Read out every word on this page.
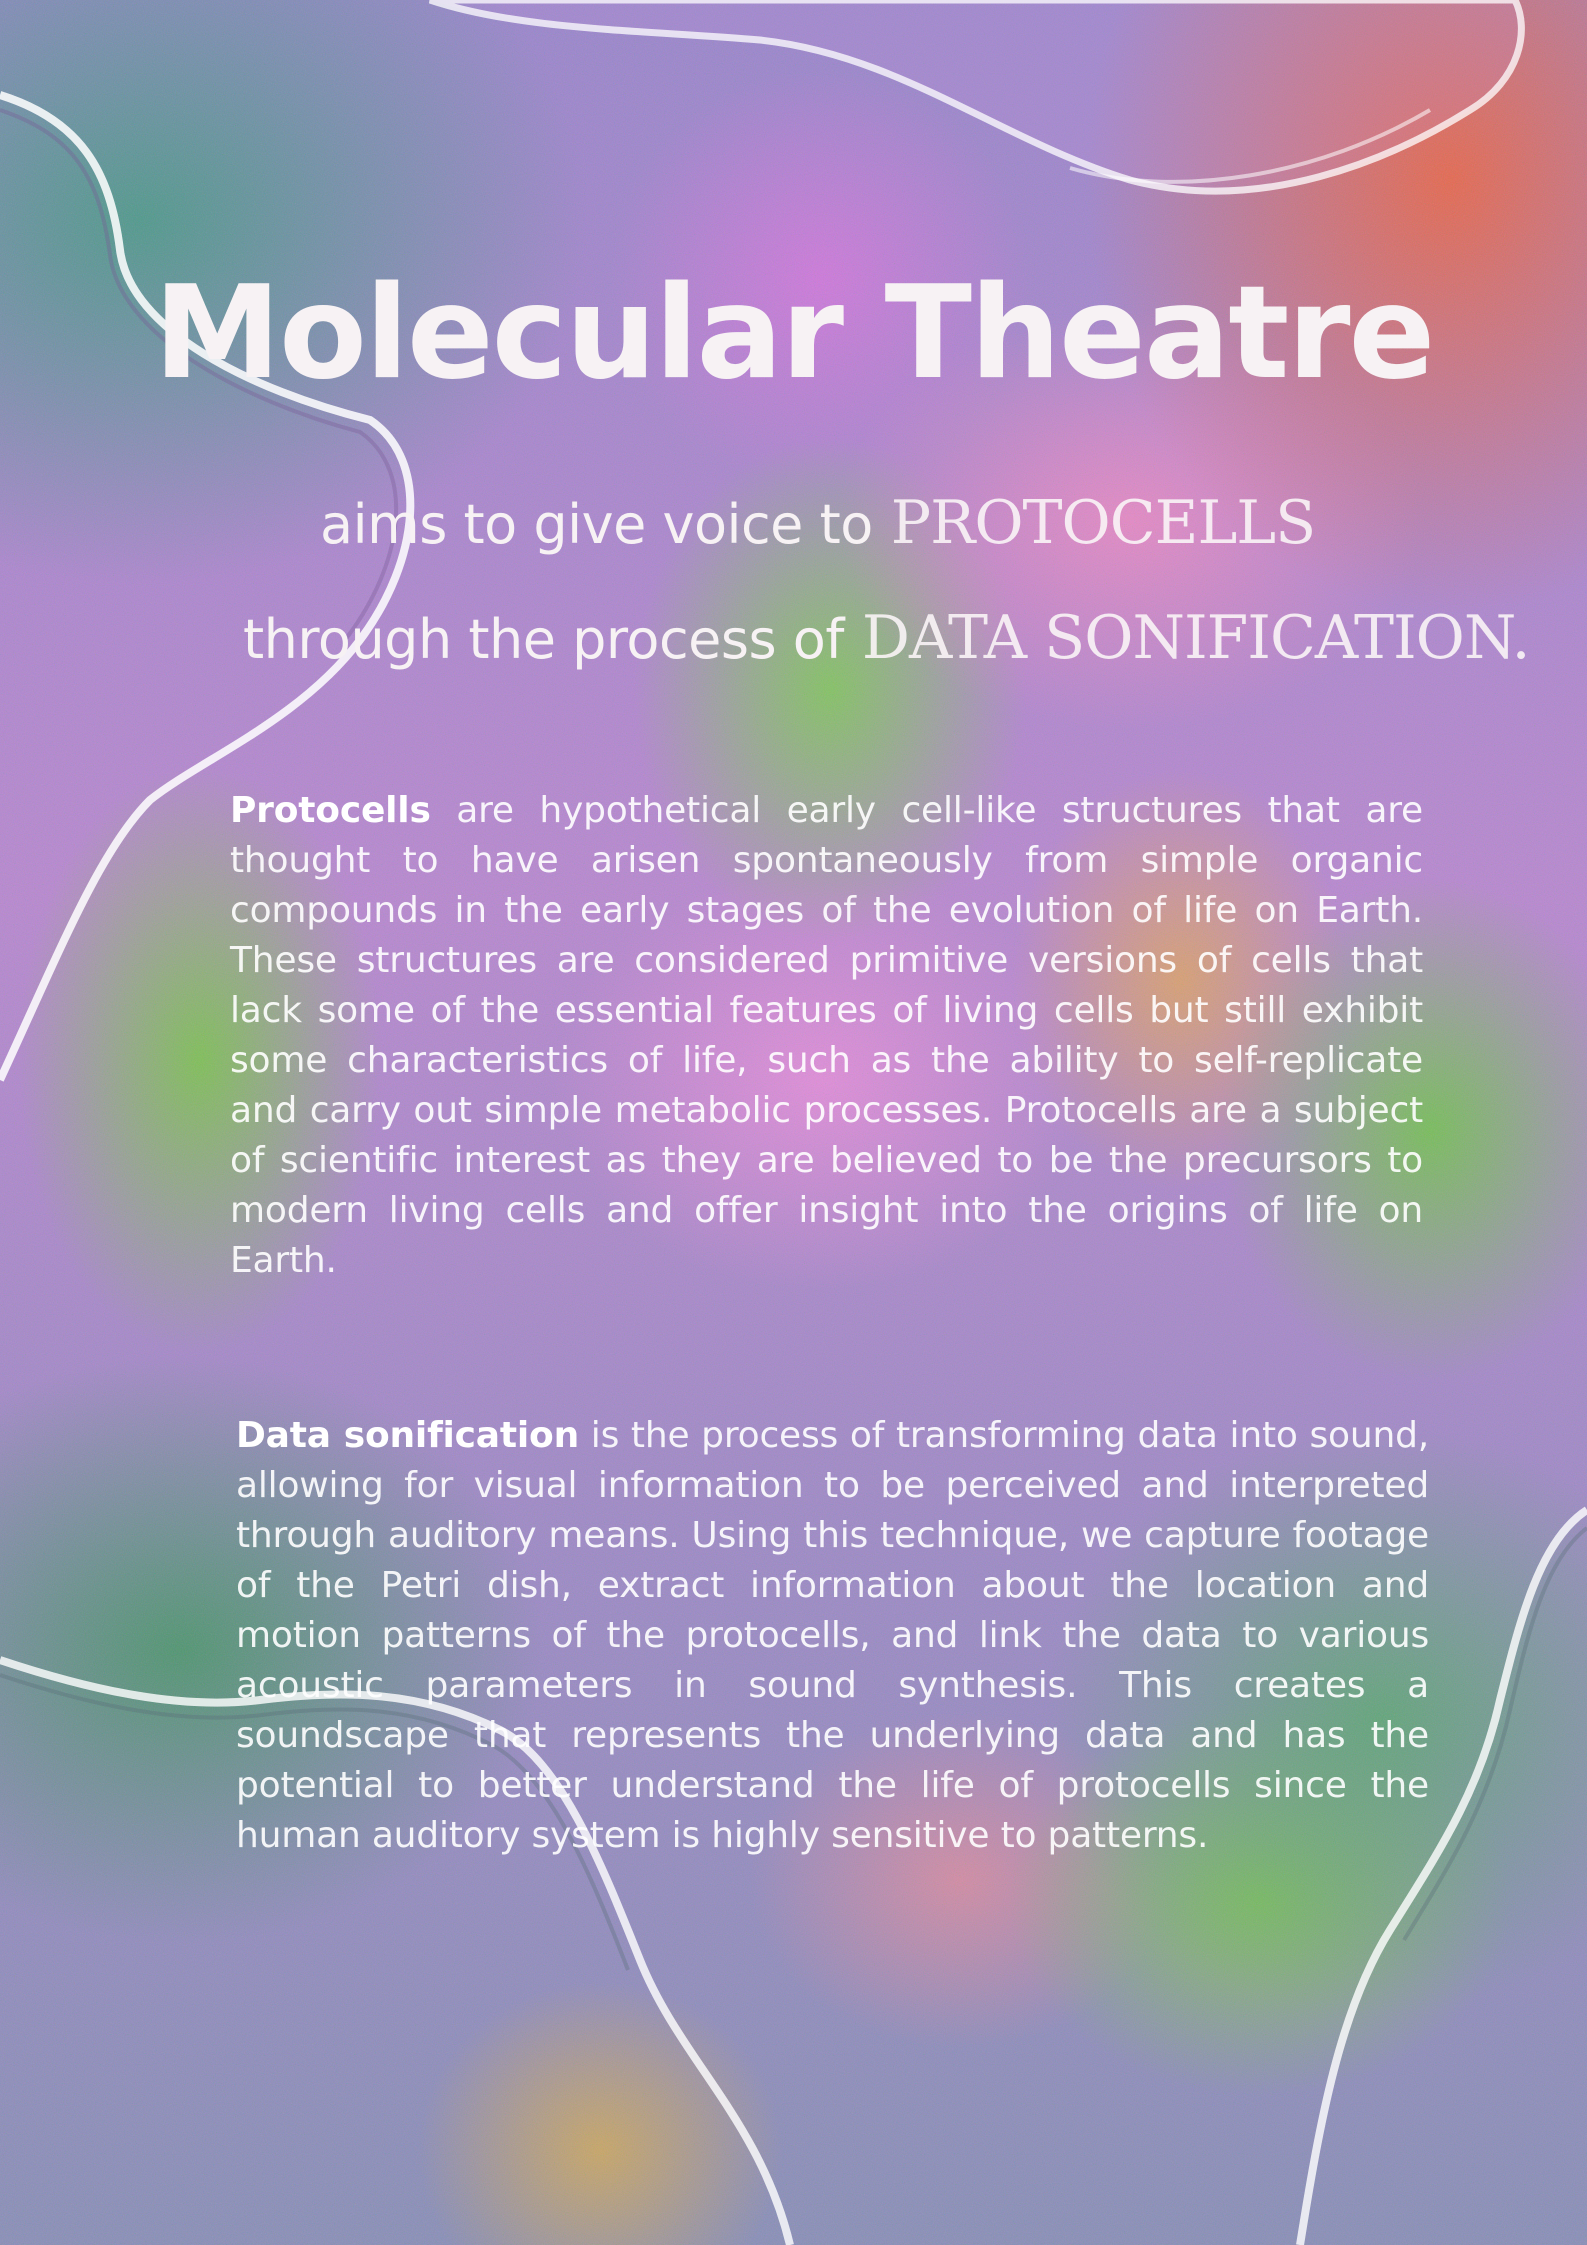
Molecular Theatre

aims to give voice to PROTOCELLS

through the process of DATA SONIFICATION.

Protocells are hypothetical early cell-like structures that are thought to have arisen spontaneously from simple organic compounds in the early stages of the evolution of life on Earth. These structures are considered primitive versions of cells that lack some of the essential features of living cells but still exhibit some characteristics of life, such as the ability to self-replicate and carry out simple metabolic processes. Protocells are a subject of scientific interest as they are believed to be the precursors to modern living cells and offer insight into the origins of life on Earth.

Data sonification is the process of transforming data into sound, allowing for visual information to be perceived and interpreted through auditory means. Using this technique, we capture footage of the Petri dish, extract information about the location and motion patterns of the protocells, and link the data to various acoustic parameters in sound synthesis. This creates a soundscape that represents the underlying data and has the potential to better understand the life of protocells since the human auditory system is highly sensitive to patterns.
